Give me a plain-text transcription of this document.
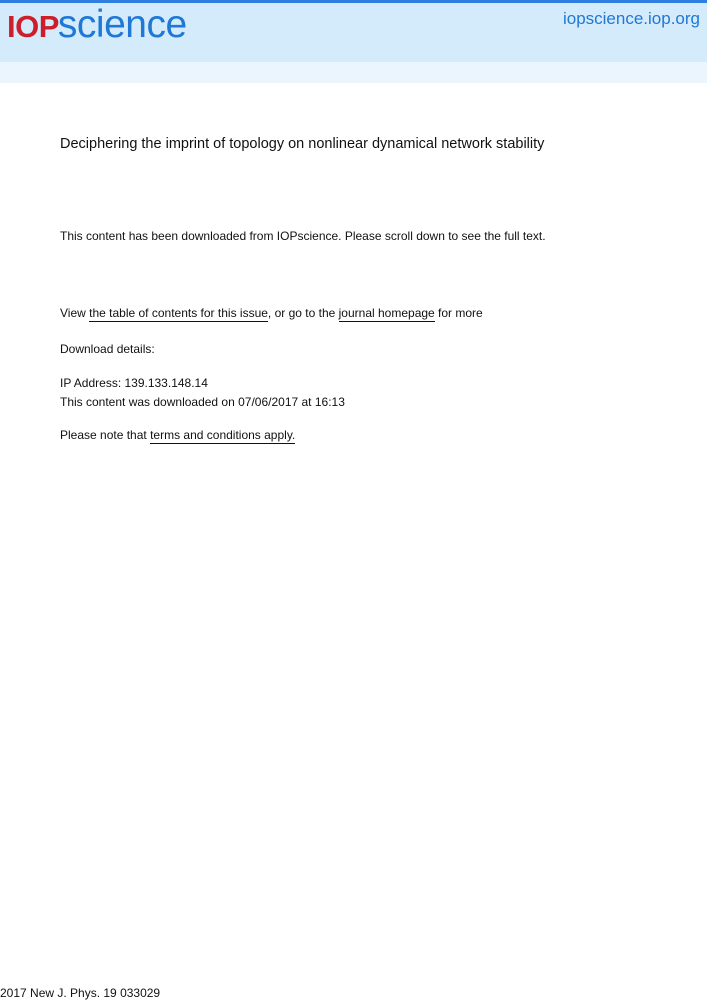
IOPscience	iopscience.iop.org
Deciphering the imprint of topology on nonlinear dynamical network stability

This content has been downloaded from IOPscience. Please scroll down to see the full text.

View the table of contents for this issue, or go to the journal homepage for more

Download details:

IP Address: 139.133.148.14

This content was downloaded on 07/06/2017 at 16:13

Please note that terms and conditions apply.

2017 New J. Phys. 19 033029
